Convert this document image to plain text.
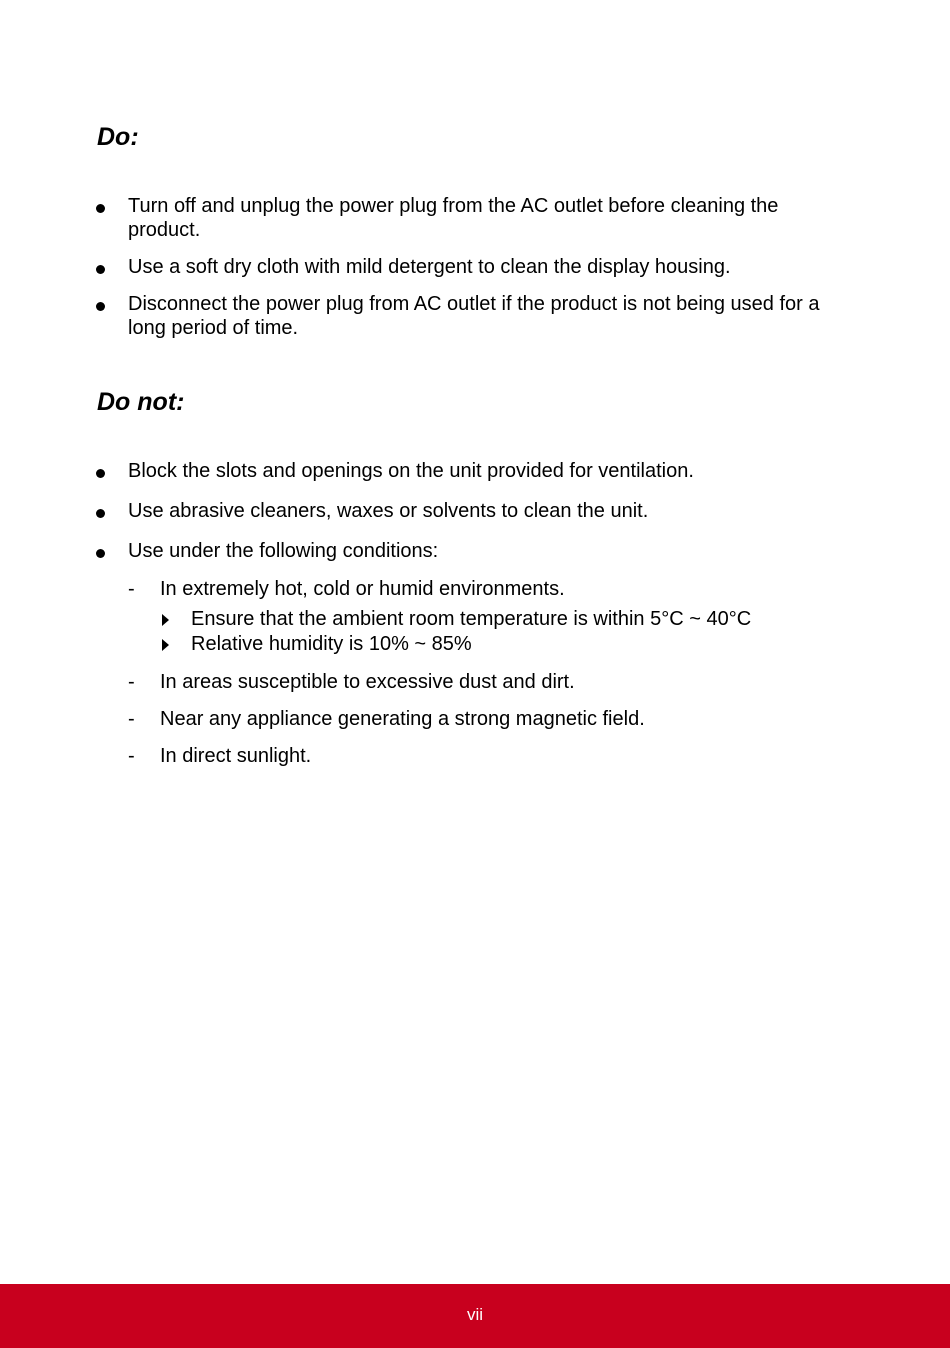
Do:
Turn off and unplug the power plug from the AC outlet before cleaning the product.
Use a soft dry cloth with mild detergent to clean the display housing.
Disconnect the power plug from AC outlet if the product is not being used for a long period of time.
Do not:
Block the slots and openings on the unit provided for ventilation.
Use abrasive cleaners, waxes or solvents to clean the unit.
Use under the following conditions:
- In extremely hot, cold or humid environments.
Ensure that the ambient room temperature is within 5°C ~ 40°C
Relative humidity is 10% ~ 85%
- In areas susceptible to excessive dust and dirt.
- Near any appliance generating a strong magnetic field.
- In direct sunlight.
vii
